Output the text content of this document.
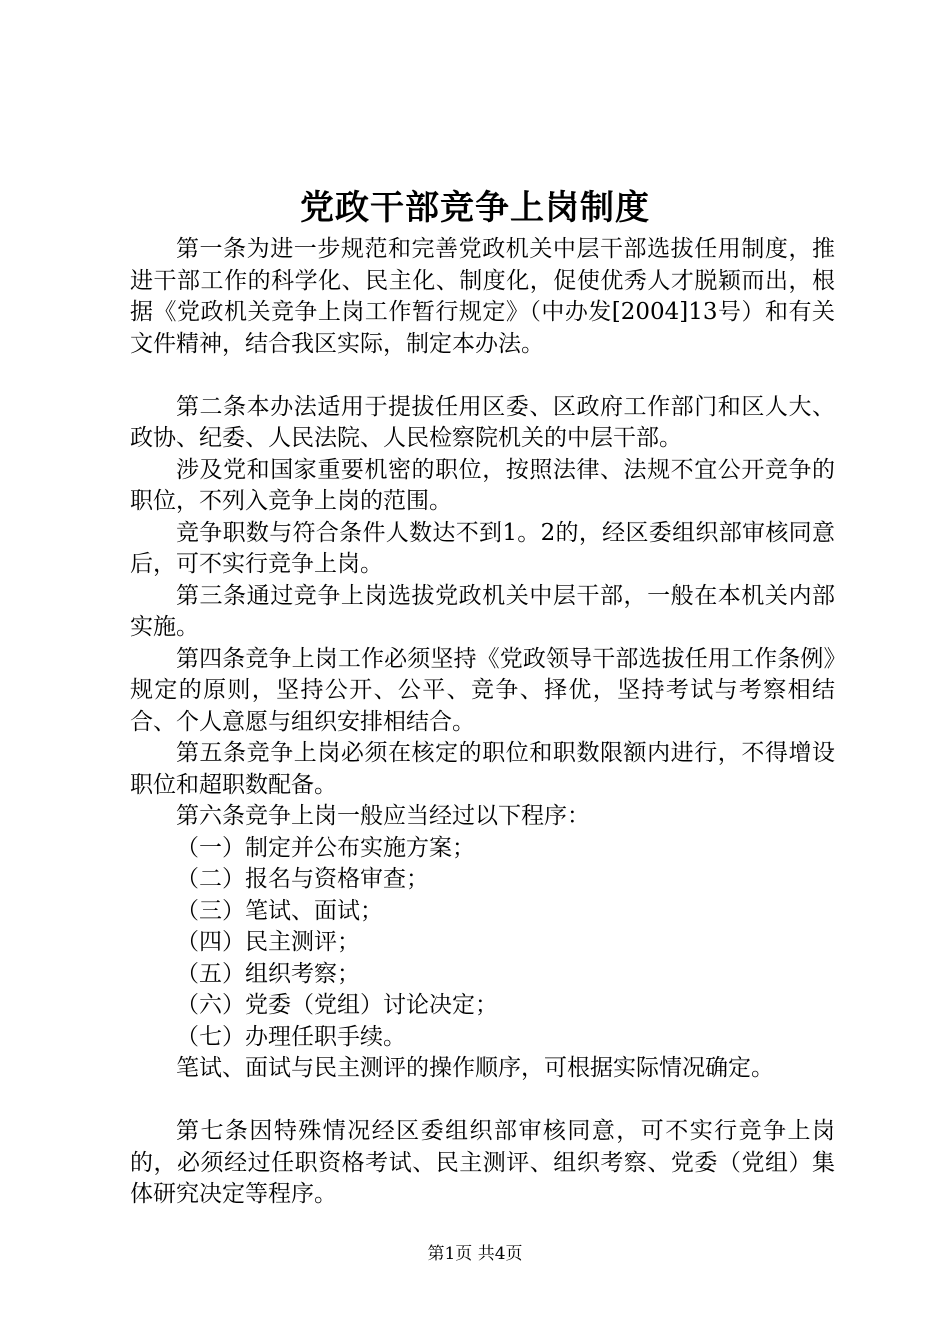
党政干部竞争上岗制度

第一条为进一步规范和完善党政机关中层干部选拔任用制度，推进干部工作的科学化、民主化、制度化，促使优秀人才脱颖而出，根据《党政机关竞争上岗工作暂行规定》（中办发[2004]13号）和有关文件精神，结合我区实际，制定本办法。

第二条本办法适用于提拔任用区委、区政府工作部门和区人大、政协、纪委、人民法院、人民检察院机关的中层干部。

涉及党和国家重要机密的职位，按照法律、法规不宜公开竞争的职位，不列入竞争上岗的范围。

竞争职数与符合条件人数达不到1。2的，经区委组织部审核同意后，可不实行竞争上岗。

第三条通过竞争上岗选拔党政机关中层干部，一般在本机关内部实施。

第四条竞争上岗工作必须坚持《党政领导干部选拔任用工作条例》规定的原则，坚持公开、公平、竞争、择优，坚持考试与考察相结合、个人意愿与组织安排相结合。

第五条竞争上岗必须在核定的职位和职数限额内进行，不得增设职位和超职数配备。

第六条竞争上岗一般应当经过以下程序：

（一）制定并公布实施方案；

（二）报名与资格审查；

（三）笔试、面试；

（四）民主测评；

（五）组织考察；

（六）党委（党组）讨论决定；

（七）办理任职手续。

笔试、面试与民主测评的操作顺序，可根据实际情况确定。

第七条因特殊情况经区委组织部审核同意，可不实行竞争上岗的，必须经过任职资格考试、民主测评、组织考察、党委（党组）集体研究决定等程序。

第1页 共4页
